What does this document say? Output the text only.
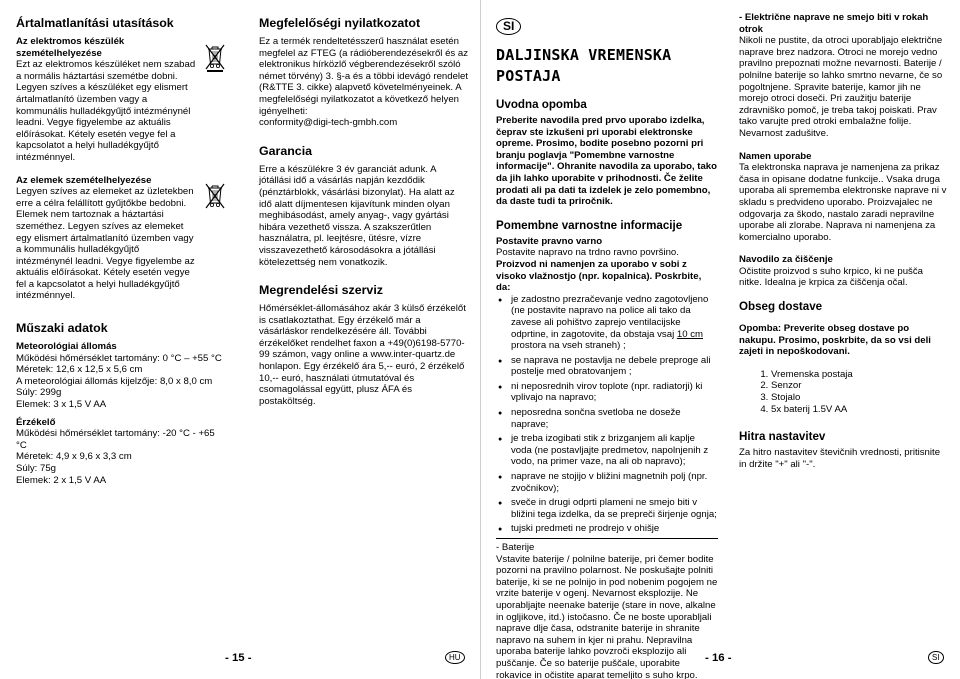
Ártalmatlanítási utasítások

Az elektromos készülék szemételhelyezése

Ezt az elektromos készüléket nem szabad a normális háztartási szemétbe dobni. Legyen szíves a készüléket egy elismert ártalmatlanító üzemben vagy a kommunális hulladékgyűjtő intézménynél leadni. Vegye figyelembe az aktuális előírásokat. Kétely esetén vegye fel a kapcsolatot a helyi hulladékgyűjtő intézménnyel.

Az elemek szemételhelyezése

Legyen szíves az elemeket az üzletekben erre a célra felállított gyűjtőkbe bedobni. Elemek nem tartoznak a háztartási szeméthez. Legyen szíves az elemeket egy elismert ártalmatlanító üzemben vagy a kommunális hulladékgyűjtő intézménynél leadni. Vegye figyelembe az aktuális előírásokat. Kétely esetén vegye fel a kapcsolatot a helyi hulladékgyűjtő intézménnyel.

Műszaki adatok

Meteorológiai állomás

Működési hőmérséklet tartomány: 0 °C – +55 °C

Méretek: 12,6 x 12,5 x 5,6 cm

A meteorológiai állomás kijelzője: 8,0 x 8,0 cm

Súly: 299g

Elemek: 3 x 1,5 V AA

Érzékelő

Működési hőmérséklet tartomány: -20 °C - +65 °C

Méretek: 4,9 x 9,6 x 3,3 cm

Súly: 75g

Elemek: 2 x 1,5 V AA

Megfelelőségi nyilatkozatot

Ez a termék rendeltetésszerű használat esetén megfelel az FTEG (a rádióberendezésekről és az elektronikus hírközlő végberendezésekről szóló német törvény) 3. §-a és a többi idevágó rendelet (R&TTE 3. cikke) alapvető követelményeinek. A megfelelőségi nyilatkozatot a következő helyen igényelheti:

conformity@digi-tech-gmbh.com

Garancia

Erre a készülékre 3 év garanciát adunk. A jótállási idő a vásárlás napján kezdődik (pénztárblokk, vásárlási bizonylat). Ha alatt az idő alatt díjmentesen kijavítunk minden olyan meghibásodást, amely anyag-, vagy gyártási hibára vezethető vissza. A szakszerűtlen használatra, pl. leejtésre, ütésre, vízre visszavezethető károsodásokra a jótállási kötelezettség nem vonatkozik.

Megrendelési szerviz

Hőmérséklet-állomásához akár 3 külső érzékelőt is csatlakoztathat. Egy érzékelő már a vásárláskor rendelkezésére áll. További érzékelőket rendelhet faxon a +49(0)6198-5770-99 számon, vagy online a www.inter-quartz.de honlapon. Egy érzékelő ára 5,-- euró, 2 érzékelő 10,-- euró, használati útmutatóval és csomagolással együtt, plusz ÁFA és postaköltség.

SI
DALJINSKA VREMENSKA
POSTAJA
Uvodna opomba

Preberite navodila pred prvo uporabo izdelka, čeprav ste izkušeni pri uporabi elektronske opreme. Prosimo, bodite posebno pozorni pri branju poglavja "Pomembne varnostne informacije". Ohranite navodila za uporabo, tako da jih lahko uporabite v prihodnosti. Če želite prodati ali pa dati ta izdelek je zelo pomembno, da daste tudi ta priročnik.

Pomembne varnostne informacije

Postavite pravno varno

Postavite napravo na trdno ravno površino.

Proizvod ni namenjen za uporabo v sobi z visoko vlažnostjo (npr. kopalnica). Poskrbite, da:

● je zadostno prezračevanje vedno zagotovljeno (ne postavite napravo na police ali tako da zavese ali pohištvo zaprejo ventilacijske odprtine, in zagotovite, da obstaja vsaj 10 cm prostora na vseh straneh) ;
● se naprava ne postavlja ne debele preproge ali postelje med obratovanjem ;
● ni neposrednih virov toplote (npr. radiatorji) ki vplivajo na napravo;
● neposredna sončna svetloba ne doseže naprave;
● je treba izogibati stik z brizganjem ali kaplje voda (ne postavljajte predmetov, napolnjenih z vodo, na primer vaze, na ali ob napravo);
● naprave ne stojijo v bližini magnetnih polj (npr. zvočnikov);
● sveče in drugi odprti plameni ne smejo biti v bližini tega izdelka, da se prepreči širjenje ognja;
● tujski predmeti ne prodrejo v ohišje

- Baterije

Vstavite baterije / polnilne baterije, pri čemer bodite pozorni na pravilno polarnost. Ne poskušajte polniti baterije, ki se ne polnijo in pod nobenim pogojem ne vrzite baterije v ogenj. Nevarnost eksplozije. Ne uporabljajte neenake baterije (stare in nove, alkalne in ogljikove, itd.) istočasno. Če ne boste uporabljali naprave dlje časa, odstranite baterije in shranite napravo na suhem in kjer ni prahu. Nepravilna uporaba baterije lahko povzroči eksplozijo ali puščanje. Če so baterije puščale, uporabite rokavice in očistite aparat temeljito s suho krpo.

- Električne naprave ne smejo biti v rokah otrok

Nikoli ne pustite, da otroci uporabljajo električne naprave brez nadzora. Otroci ne morejo vedno pravilno prepoznati možne nevarnosti. Baterije / polnilne baterije so lahko smrtno nevarne, če so pogoltnjene. Spravite baterije, kamor jih ne morejo otroci doseči. Pri zaužitju baterije zdravniško pomoč, je treba takoj poiskati. Prav tako varujte pred otroki embalažne folije. Nevarnost zadušitve.

Namen uporabe

Ta elektronska naprava je namenjena za prikaz časa in opisane dodatne funkcije.. Vsaka druga uporaba ali sprememba elektronske naprave ni v skladu s predvideno uporabo. Proizvajalec ne odgovarja za škodo, nastalo zaradi nepravilne uporabe ali zlorabe. Naprava ni namenjena za komercialno uporabo.

Navodilo za čiščenje

Očistite proizvod s suho krpico, ki ne pušča nitke. Idealna je krpica za čiščenja očal.

Obseg dostave

Opomba: Preverite obseg dostave po nakupu. Prosimo, poskrbite, da so vsi deli zajeti in nepoškodovani.

1. Vremenska postaja
2. Senzor
3. Stojalo
4. 5x baterij 1.5V AA
Hitra nastavitev

Za hitro nastavitev števičnih vrednosti, pritisnite in držite "+" ali "-".

- 15 -	HU	- 16 -	SI
